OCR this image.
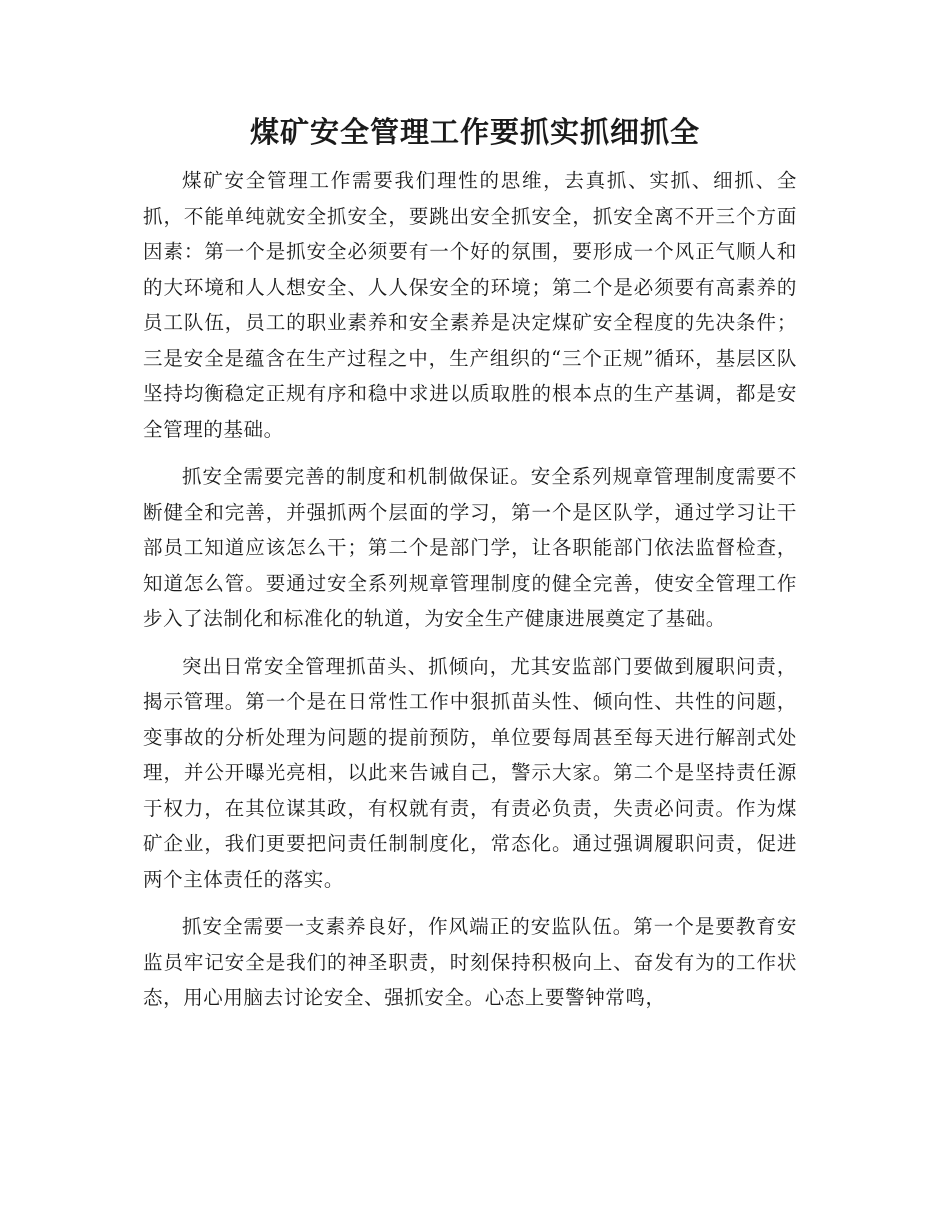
煤矿安全管理工作要抓实抓细抓全

煤矿安全管理工作需要我们理性的思维，去真抓、实抓、细抓、全抓，不能单纯就安全抓安全，要跳出安全抓安全，抓安全离不开三个方面因素：第一个是抓安全必须要有一个好的氛围，要形成一个风正气顺人和的大环境和人人想安全、人人保安全的环境；第二个是必须要有高素养的员工队伍，员工的职业素养和安全素养是决定煤矿安全程度的先决条件；三是安全是蕴含在生产过程之中，生产组织的“三个正规”循环，基层区队坚持均衡稳定正规有序和稳中求进以质取胜的根本点的生产基调，都是安全管理的基础。

抓安全需要完善的制度和机制做保证。安全系列规章管理制度需要不断健全和完善，并强抓两个层面的学习，第一个是区队学，通过学习让干部员工知道应该怎么干；第二个是部门学，让各职能部门依法监督检查，知道怎么管。要通过安全系列规章管理制度的健全完善，使安全管理工作步入了法制化和标准化的轨道，为安全生产健康进展奠定了基础。

突出日常安全管理抓苗头、抓倾向，尤其安监部门要做到履职问责，揭示管理。第一个是在日常性工作中狠抓苗头性、倾向性、共性的问题，变事故的分析处理为问题的提前预防，单位要每周甚至每天进行解剖式处理，并公开曝光亮相，以此来告诫自己，警示大家。第二个是坚持责任源于权力，在其位谋其政，有权就有责，有责必负责，失责必问责。作为煤矿企业，我们更要把问责任制制度化，常态化。通过强调履职问责，促进两个主体责任的落实。

抓安全需要一支素养良好，作风端正的安监队伍。第一个是要教育安监员牢记安全是我们的神圣职责，时刻保持积极向上、奋发有为的工作状态，用心用脑去讨论安全、强抓安全。心态上要警钟常鸣，
